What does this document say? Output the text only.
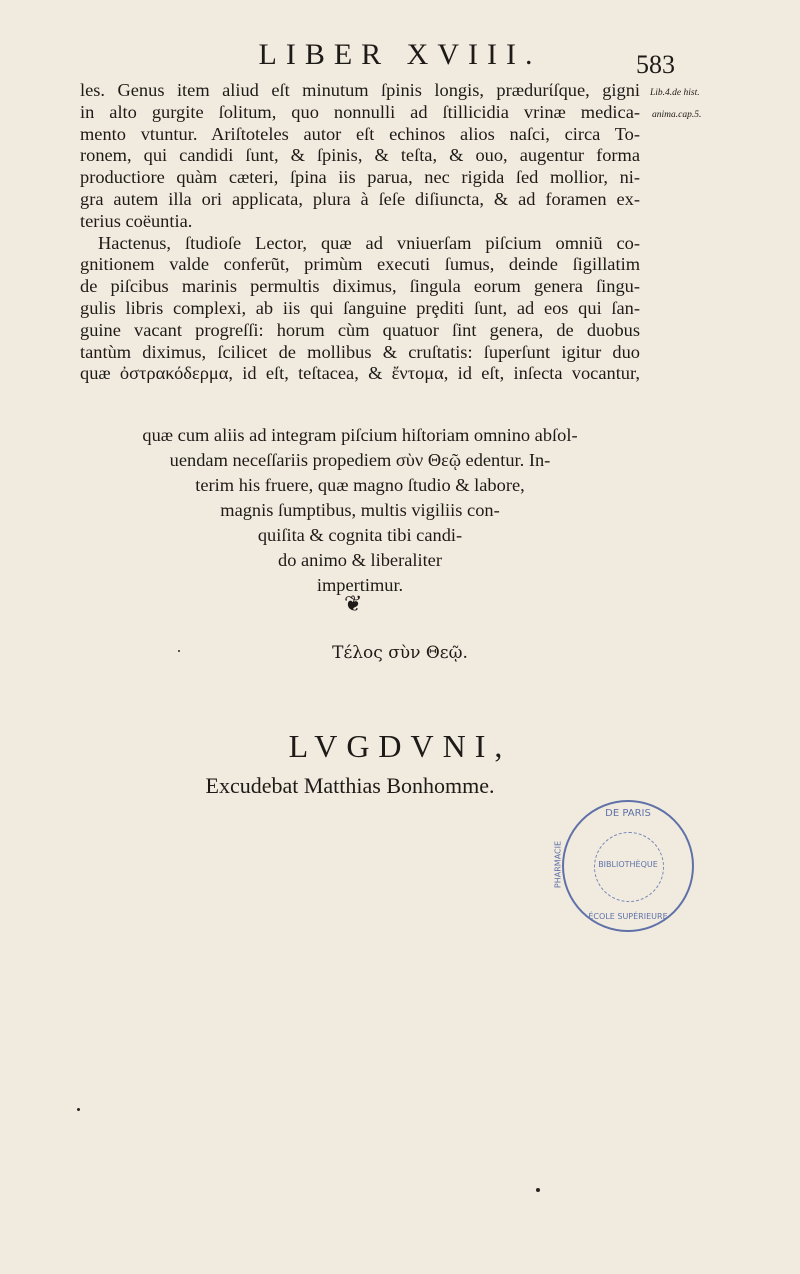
LIBER XVIII.	583
Lib.4.de hist.
anima.cap.5.
les. Genus item aliud eſt minutum ſpinis longis, prædurίſque, gigni
in alto gurgite ſolitum, quo nonnulli ad ſtillicidia vrinæ medica-
mento vtuntur. Ariſtoteles autor eſt echinos alios naſci, circa To-
ronem, qui candidi ſunt, & ſpinis, & teſta, & ouo, augentur forma
productiore quàm cæteri, ſpina iis parua, nec rigida ſed mollior, ni-
gra autem illa ori applicata, plura à ſeſe diſiuncta, & ad foramen ex-
terius coëuntia.
Hactenus, ſtudioſe Lector, quæ ad vniuerſam piſcium omniũ co-
gnitionem valde conferũt, primùm executi ſumus, deinde ſigillatim
de piſcibus marinis permultis diximus, ſingula eorum genera ſingu-
gulis libris complexi, ab iis qui ſanguine prȩditi ſunt, ad eos qui ſan-
guine vacant progreſſi: horum cùm quatuor ſint genera, de duobus
tantùm diximus, ſcilicet de mollibus & cruſtatis: ſuperſunt igitur duo
quæ ὀστρακόδερμα, id eſt, teſtacea, & ἔντομα, id eſt, inſecta vocantur,
quæ cum aliis ad integram piſcium hiſtoriam omnino abſol-
uendam neceſſariis propediem σὺν Θεῷ edentur. In-
terim his fruere, quæ magno ſtudio & labore,
magnis ſumptibus, multis vigiliis con-
quiſita & cognita tibi candi-
do animo & liberaliter
impertimur.
❦
Τέλος σὺν Θεῷ.
LVGDVNI,
Excudebat Matthias Bonhomme.
DE PARIS
BIBLIOTHÈQUE
ÉCOLE SUPÉRIEURE
PHARMACIE
